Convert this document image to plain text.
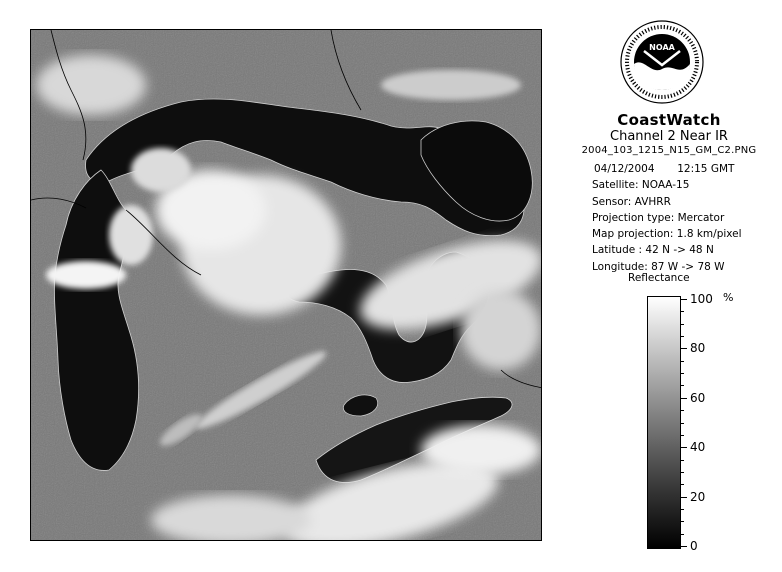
NOAA
CoastWatch
Channel 2 Near IR
2004_103_1215_N15_GM_C2.PNG
04/12/2004 12:15 GMT
Satellite: NOAA-15
Sensor: AVHRR
Projection type: Mercator
Map projection: 1.8 km/pixel
Latitude : 42 N -> 48 N
Longitude: 87 W -> 78 W
Reflectance
%
100
80
60
40
20
0
